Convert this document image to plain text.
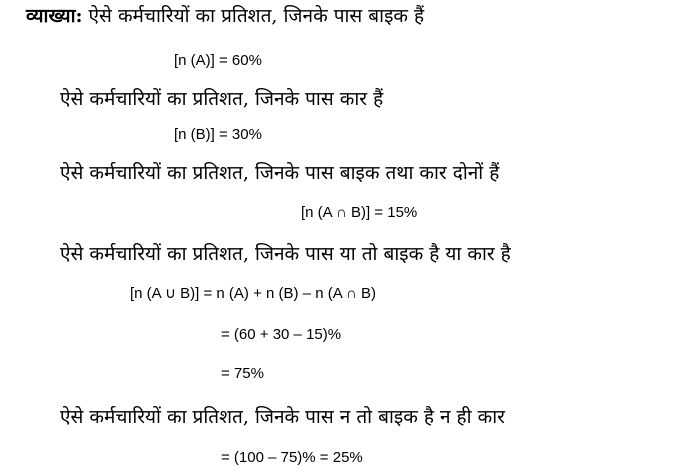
व्याख्या: ऐसे कर्मचारियों का प्रतिशत, जिनके पास बाइक हैं
[n (A)] = 60%
ऐसे कर्मचारियों का प्रतिशत, जिनके पास कार हैं
[n (B)] = 30%
ऐसे कर्मचारियों का प्रतिशत, जिनके पास बाइक तथा कार दोनों हैं
[n (A ∩ B)] = 15%
ऐसे कर्मचारियों का प्रतिशत, जिनके पास या तो बाइक है या कार है
[n (A ∪ B)] = n (A) + n (B) – n (A ∩ B)
= (60 + 30 – 15)%
= 75%
ऐसे कर्मचारियों का प्रतिशत, जिनके पास न तो बाइक है न ही कार
= (100 – 75)% = 25%
